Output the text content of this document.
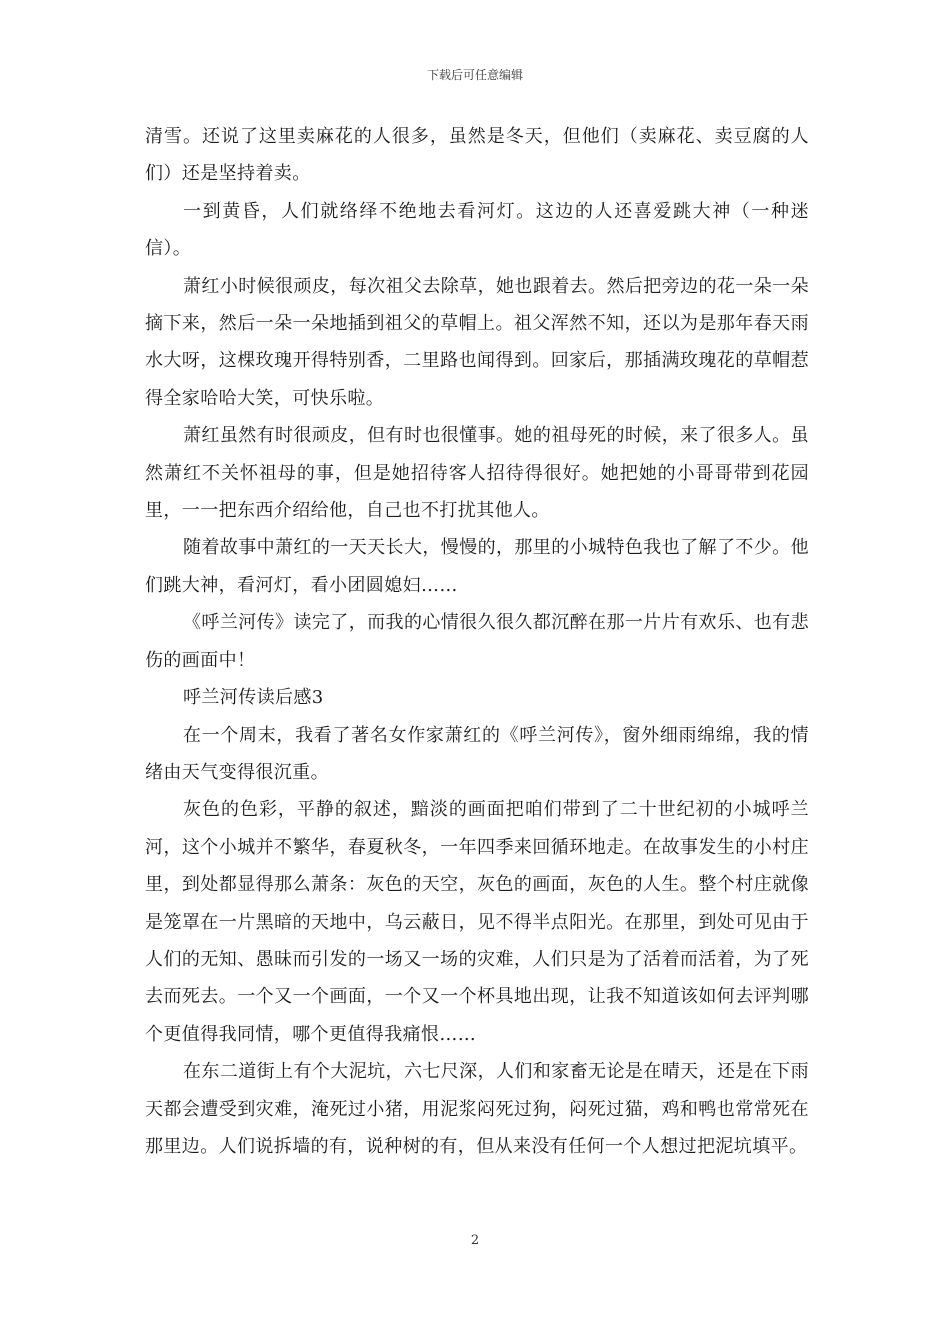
下载后可任意编辑

清雪。还说了这里卖麻花的人很多，虽然是冬天，但他们（卖麻花、卖豆腐的人们）还是坚持着卖。

一到黄昏，人们就络绎不绝地去看河灯。这边的人还喜爱跳大神（一种迷信）。

萧红小时候很顽皮，每次祖父去除草，她也跟着去。然后把旁边的花一朵一朵摘下来，然后一朵一朵地插到祖父的草帽上。祖父浑然不知，还以为是那年春天雨水大呀，这棵玫瑰开得特别香，二里路也闻得到。回家后，那插满玫瑰花的草帽惹得全家哈哈大笑，可快乐啦。

萧红虽然有时很顽皮，但有时也很懂事。她的祖母死的时候，来了很多人。虽然萧红不关怀祖母的事，但是她招待客人招待得很好。她把她的小哥哥带到花园里，一一把东西介绍给他，自己也不打扰其他人。

随着故事中萧红的一天天长大，慢慢的，那里的小城特色我也了解了不少。他们跳大神，看河灯，看小团圆媳妇……

《呼兰河传》读完了，而我的心情很久很久都沉醉在那一片片有欢乐、也有悲伤的画面中！

呼兰河传读后感3

在一个周末，我看了著名女作家萧红的《呼兰河传》，窗外细雨绵绵，我的情绪由天气变得很沉重。

灰色的色彩，平静的叙述，黯淡的画面把咱们带到了二十世纪初的小城呼兰河，这个小城并不繁华，春夏秋冬，一年四季来回循环地走。在故事发生的小村庄里，到处都显得那么萧条：灰色的天空，灰色的画面，灰色的人生。整个村庄就像是笼罩在一片黑暗的天地中，乌云蔽日，见不得半点阳光。在那里，到处可见由于人们的无知、愚昧而引发的一场又一场的灾难，人们只是为了活着而活着，为了死去而死去。一个又一个画面，一个又一个杯具地出现，让我不知道该如何去评判哪个更值得我同情，哪个更值得我痛恨……

在东二道街上有个大泥坑，六七尺深，人们和家畜无论是在晴天，还是在下雨天都会遭受到灾难，淹死过小猪，用泥浆闷死过狗，闷死过猫，鸡和鸭也常常死在那里边。人们说拆墙的有，说种树的有，但从来没有任何一个人想过把泥坑填平。

2
